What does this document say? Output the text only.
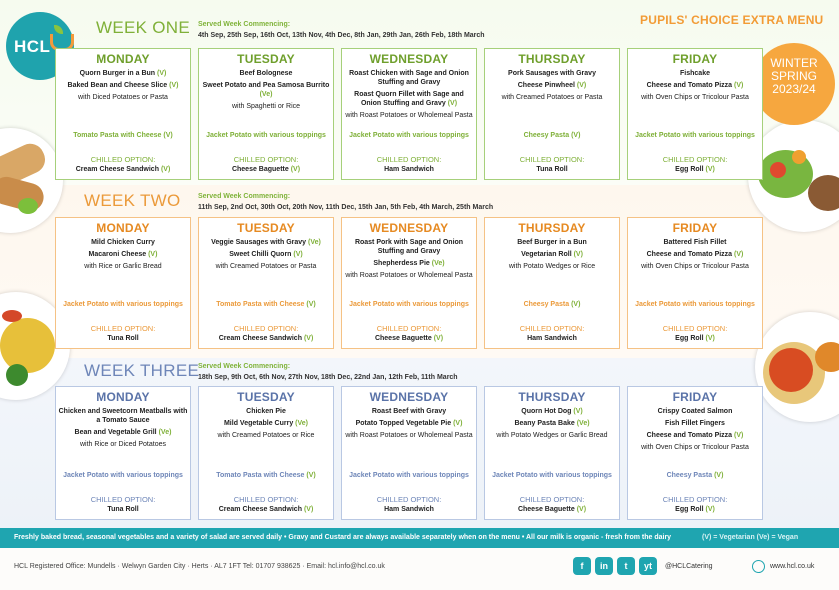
HCL
PUPILS' CHOICE EXTRA MENU
WINTER
SPRING
2023/24
WEEK ONE Served Week Commencing:
4th Sep, 25th Sep, 16th Oct, 13th Nov, 4th Dec, 8th Jan, 29th Jan, 26th Feb, 18th March
MONDAY
Quorn Burger in a Bun (V)
Baked Bean and Cheese Slice (V)
with Diced Potatoes or Pasta
Tomato Pasta with Cheese (V)
CHILLED OPTION:
Cream Cheese Sandwich (V)
TUESDAY
Beef Bolognese
Sweet Potato and Pea Samosa Burrito (Ve)
with Spaghetti or Rice
Jacket Potato with various toppings
CHILLED OPTION:
Cheese Baguette (V)
WEDNESDAY
Roast Chicken with Sage and Onion Stuffing and Gravy
Roast Quorn Fillet with Sage and Onion Stuffing and Gravy (V)
with Roast Potatoes or Wholemeal Pasta
Jacket Potato with various toppings
CHILLED OPTION:
Ham Sandwich
THURSDAY
Pork Sausages with Gravy
Cheese Pinwheel (V)
with Creamed Potatoes or Pasta
Cheesy Pasta (V)
CHILLED OPTION:
Tuna Roll
FRIDAY
Fishcake
Cheese and Tomato Pizza (V)
with Oven Chips or Tricolour Pasta
Jacket Potato with various toppings
CHILLED OPTION:
Egg Roll (V)
WEEK TWO Served Week Commencing:
11th Sep, 2nd Oct, 30th Oct, 20th Nov, 11th Dec, 15th Jan, 5th Feb, 4th March, 25th March
MONDAY
Mild Chicken Curry
Macaroni Cheese (V)
with Rice or Garlic Bread
Jacket Potato with various toppings
CHILLED OPTION:
Tuna Roll
TUESDAY
Veggie Sausages with Gravy (Ve)
Sweet Chilli Quorn (V)
with Creamed Potatoes or Pasta
Tomato Pasta with Cheese (V)
CHILLED OPTION:
Cream Cheese Sandwich (V)
WEDNESDAY
Roast Pork with Sage and Onion Stuffing and Gravy
Shepherdess Pie (Ve)
with Roast Potatoes or Wholemeal Pasta
Jacket Potato with various toppings
CHILLED OPTION:
Cheese Baguette (V)
THURSDAY
Beef Burger in a Bun
Vegetarian Roll (V)
with Potato Wedges or Rice
Cheesy Pasta (V)
CHILLED OPTION:
Ham Sandwich
FRIDAY
Battered Fish Fillet
Cheese and Tomato Pizza (V)
with Oven Chips or Tricolour Pasta
Jacket Potato with various toppings
CHILLED OPTION:
Egg Roll (V)
WEEK THREE
Served Week Commencing:
18th Sep, 9th Oct, 6th Nov, 27th Nov, 18th Dec, 22nd Jan, 12th Feb, 11th March
MONDAY
Chicken and Sweetcorn Meatballs with a Tomato Sauce
Bean and Vegetable Grill (Ve)
with Rice or Diced Potatoes
Jacket Potato with various toppings
CHILLED OPTION:
Tuna Roll
TUESDAY
Chicken Pie
Mild Vegetable Curry (Ve)
with Creamed Potatoes or Rice
Tomato Pasta with Cheese (V)
CHILLED OPTION:
Cream Cheese Sandwich (V)
WEDNESDAY
Roast Beef with Gravy
Potato Topped Vegetable Pie (V)
with Roast Potatoes or Wholemeal Pasta
Jacket Potato with various toppings
CHILLED OPTION:
Ham Sandwich
THURSDAY
Quorn Hot Dog (V)
Beany Pasta Bake (Ve)
with Potato Wedges or Garlic Bread
Jacket Potato with various toppings
CHILLED OPTION:
Cheese Baguette (V)
FRIDAY
Crispy Coated Salmon
Fish Fillet Fingers
Cheese and Tomato Pizza (V)
with Oven Chips or Tricolour Pasta
Cheesy Pasta (V)
CHILLED OPTION:
Egg Roll (V)
Freshly baked bread, seasonal vegetables and a variety of salad are served daily • Gravy and Custard are always available separately when on the menu • All our milk is organic - fresh from the dairy	(V) = Vegetarian (Ve) = Vegan
HCL Registered Office: Mundells · Welwyn Garden City · Herts · AL7 1FT Tel: 01707 938625 · Email: hcl.info@hcl.co.uk	f	in	t	yt	@HCLCatering	www.hcl.co.uk
